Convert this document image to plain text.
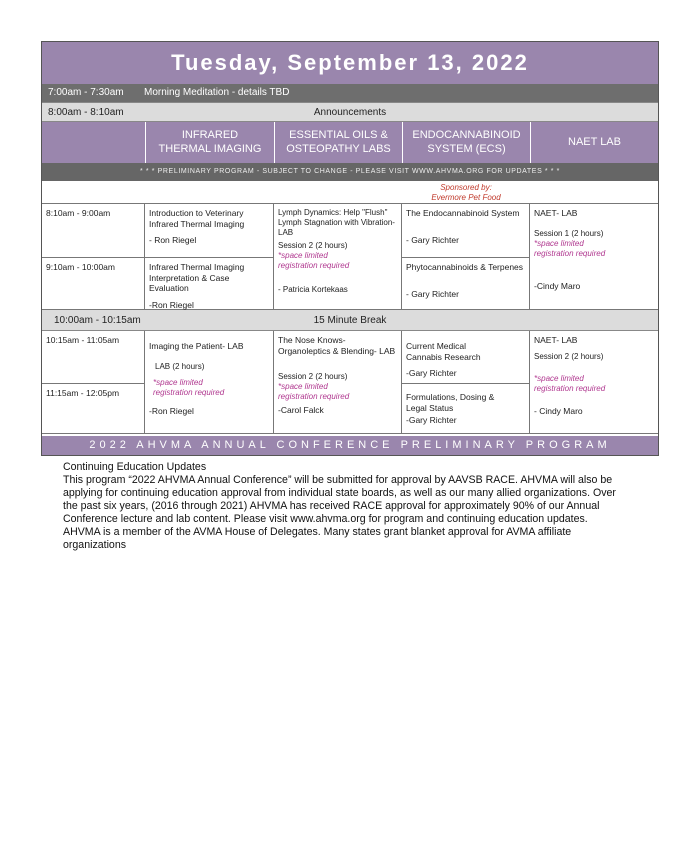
Tuesday, September 13, 2022
7:00am - 7:30am Morning Meditation - details TBD
8:00am - 8:10am	Announcements
INFRARED
THERMAL IMAGING
ESSENTIAL OILS &
OSTEOPATHY LABS
ENDOCANNABINOID
SYSTEM (ECS)
NAET LAB
* * * PRELIMINARY PROGRAM - SUBJECT TO CHANGE - PLEASE VISIT WWW.AHVMA.ORG FOR UPDATES * * *
Sponsored by:
Evermore Pet Food
8:10am - 9:00am
9:10am - 10:00am
Introduction to Veterinary Infrared Thermal Imaging
- Ron Riegel
Infrared Thermal Imaging Interpretation & Case Evaluation
-Ron Riegel
Lymph Dynamics: Help "Flush" Lymph Stagnation with Vibration- LAB
Session 2 (2 hours)
*space limited
registration required
- Patricia Kortekaas
The Endocannabinoid System
- Gary Richter
Phytocannabinoids & Terpenes
- Gary Richter
NAET- LAB
Session 1 (2 hours)
*space limited
registration required
-Cindy Maro
10:00am - 10:15am	15 Minute Break
10:15am - 11:05am
11:15am - 12:05pm
Imaging the Patient- LAB
LAB (2 hours)
*space limited
registration required
-Ron Riegel
The Nose Knows-
Organoleptics & Blending- LAB
Session 2 (2 hours)
*space limited
registration required
-Carol Falck
Current Medical
Cannabis Research
-Gary Richter
Formulations, Dosing &
Legal Status
-Gary Richter
NAET- LAB
Session 2 (2 hours)
*space limited
registration required
- Cindy Maro
2022 AHVMA ANNUAL CONFERENCE PRELIMINARY PROGRAM

Continuing Education Updates

This program “2022 AHVMA Annual Conference” will be submitted for approval by AAVSB RACE. AHVMA will also be applying for continuing education approval from individual state boards, as well as our many allied organizations. Over the past six years, (2016 through 2021) AHVMA has received RACE approval for approximately 90% of our Annual Conference lecture and lab content. Please visit www.ahvma.org for program and continuing education updates.

AHVMA is a member of the AVMA House of Delegates. Many states grant blanket approval for AVMA affiliate organizations
